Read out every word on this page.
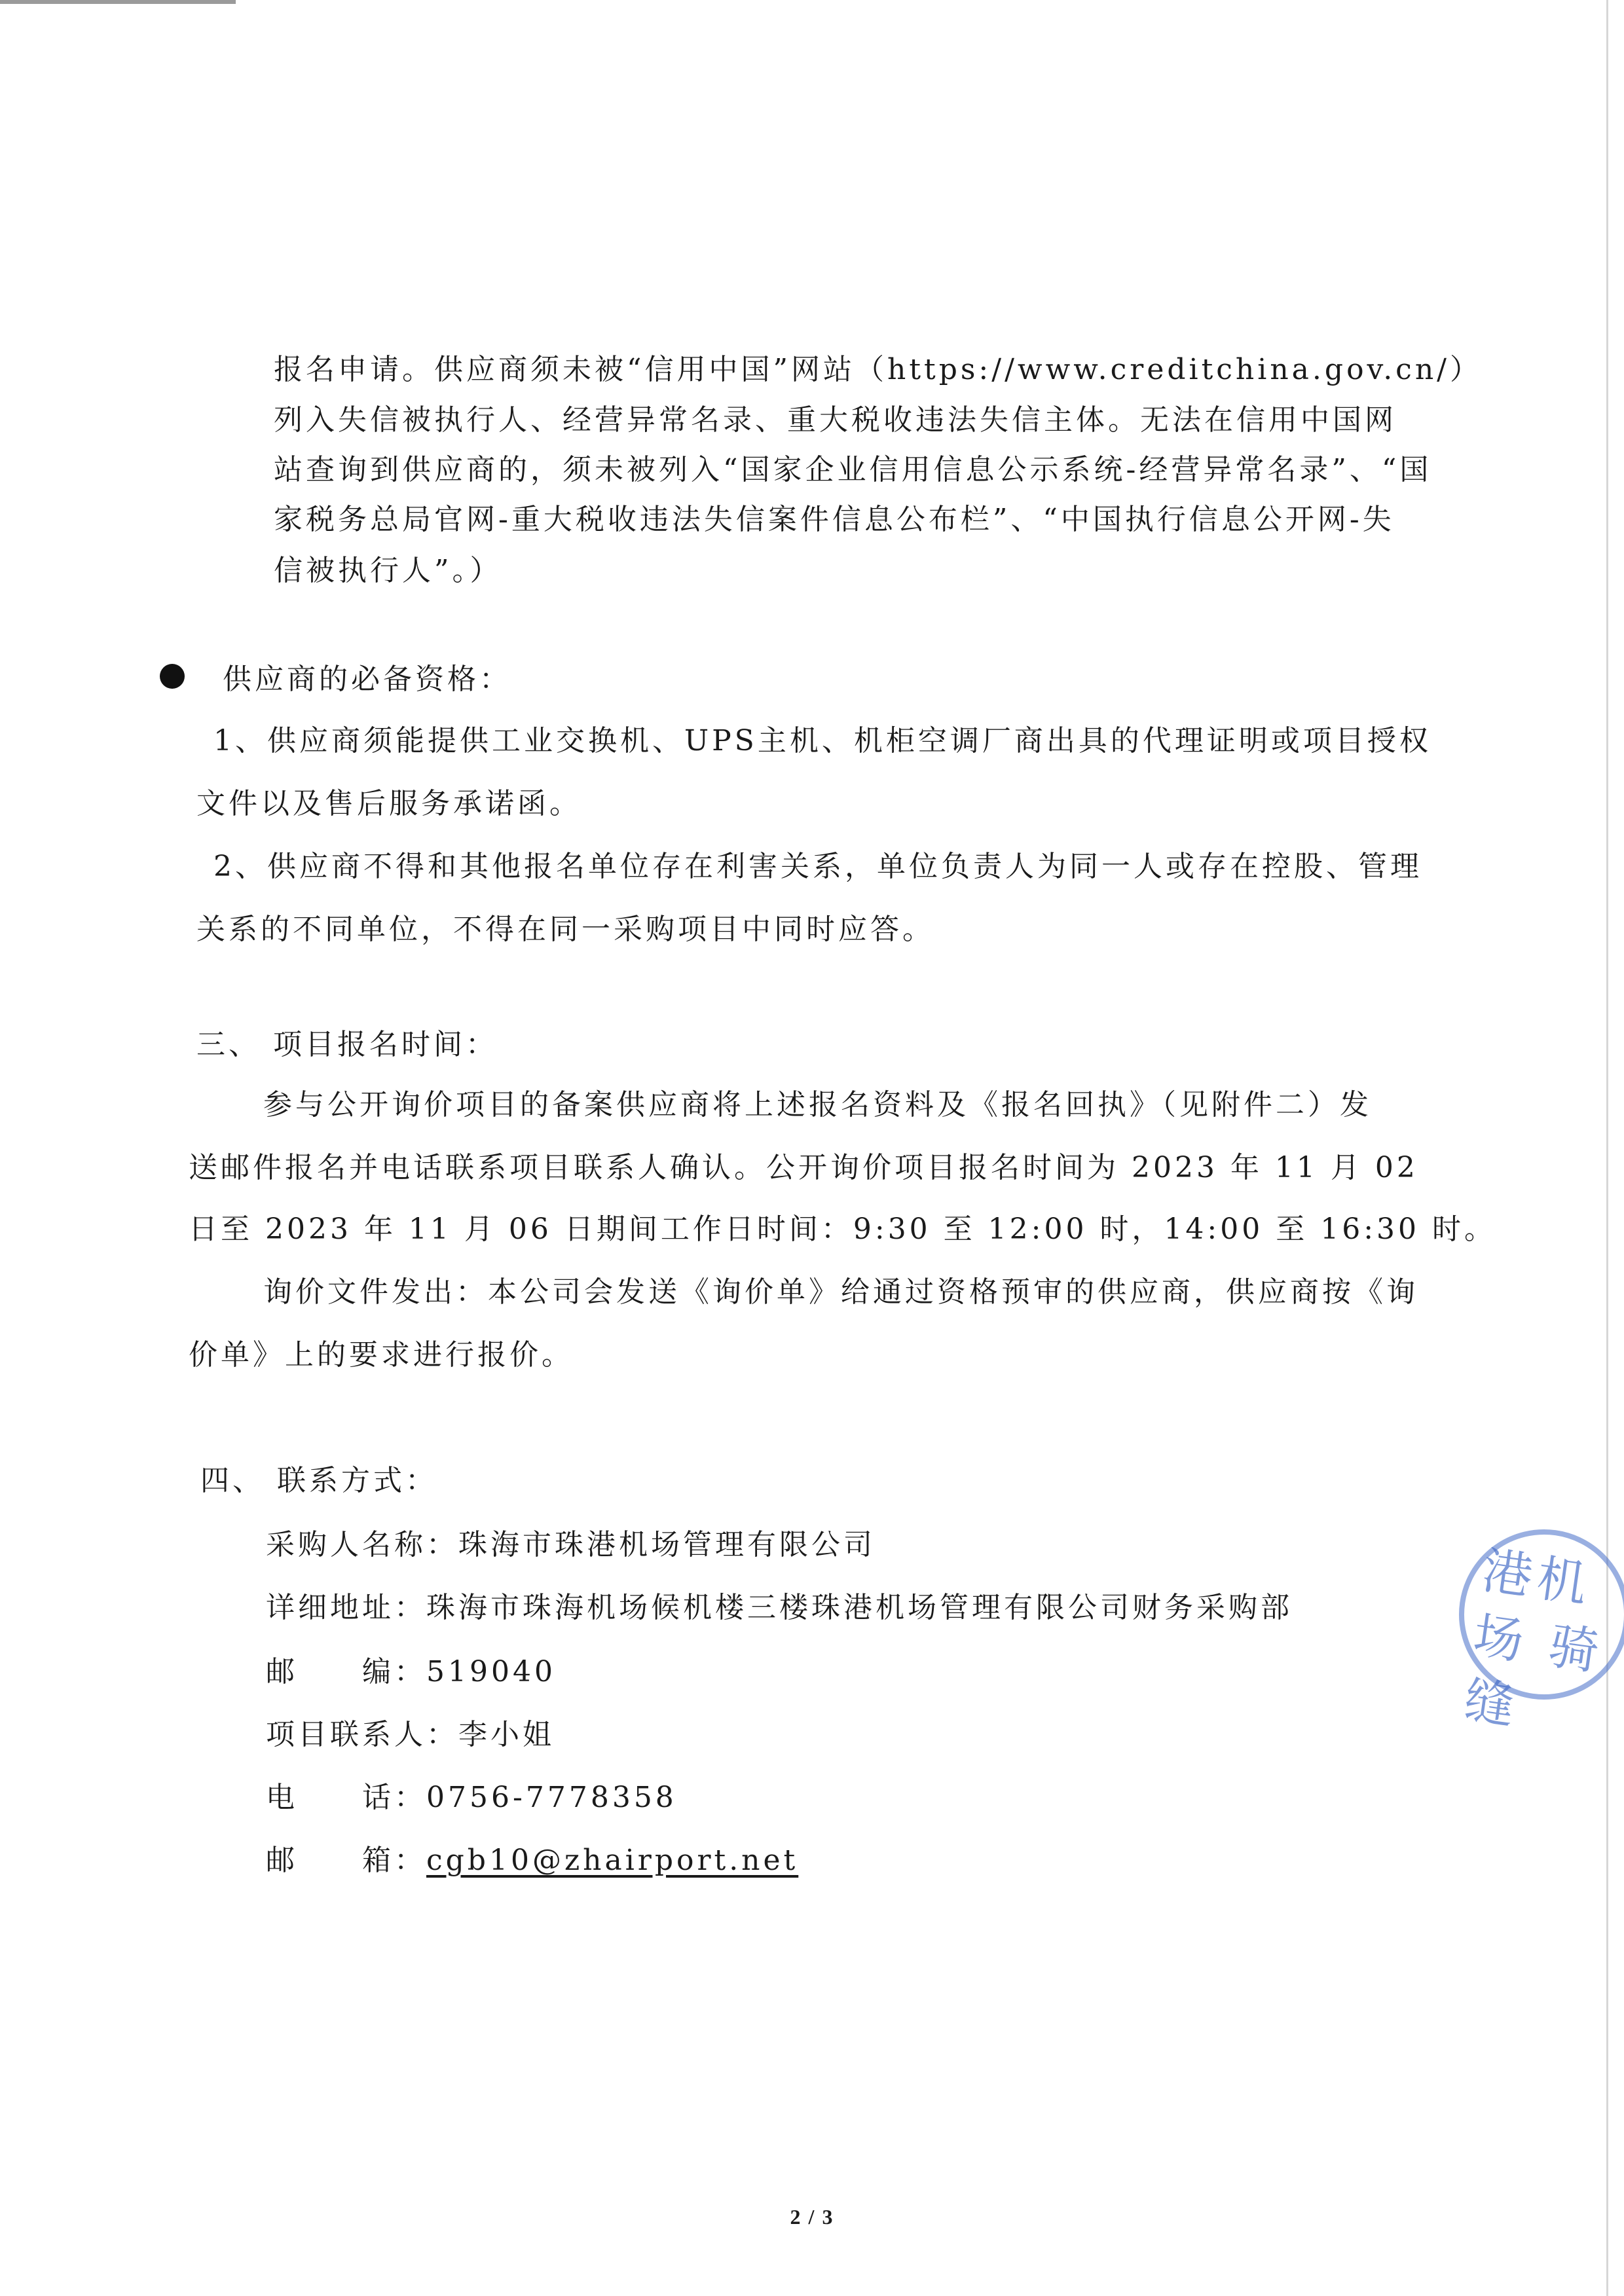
报名申请。供应商须未被“信用中国”网站（https://www.creditchina.gov.cn/）
列入失信被执行人、经营异常名录、重大税收违法失信主体。无法在信用中国网
站查询到供应商的，须未被列入“国家企业信用信息公示系统-经营异常名录”、“国
家税务总局官网-重大税收违法失信案件信息公布栏”、“中国执行信息公开网-失
信被执行人”。）
供应商的必备资格：
1、供应商须能提供工业交换机、UPS主机、机柜空调厂商出具的代理证明或项目授权
文件以及售后服务承诺函。
2、供应商不得和其他报名单位存在利害关系，单位负责人为同一人或存在控股、管理
关系的不同单位，不得在同一采购项目中同时应答。
三、 项目报名时间：
参与公开询价项目的备案供应商将上述报名资料及《报名回执》（见附件二）发
送邮件报名并电话联系项目联系人确认。公开询价项目报名时间为 2023 年 11 月 02
日至 2023 年 11 月 06 日期间工作日时间：9:30 至 12:00 时，14:00 至 16:30 时。
询价文件发出：本公司会发送《询价单》给通过资格预审的供应商，供应商按《询
价单》上的要求进行报价。
四、 联系方式：
采购人名称：珠海市珠港机场管理有限公司
详细地址：珠海市珠海机场候机楼三楼珠港机场管理有限公司财务采购部
邮　　编：519040
项目联系人：李小姐
电　　话：0756-7778358
邮　　箱：cgb10@zhairport.net
港机场 骑缝
2 / 3
